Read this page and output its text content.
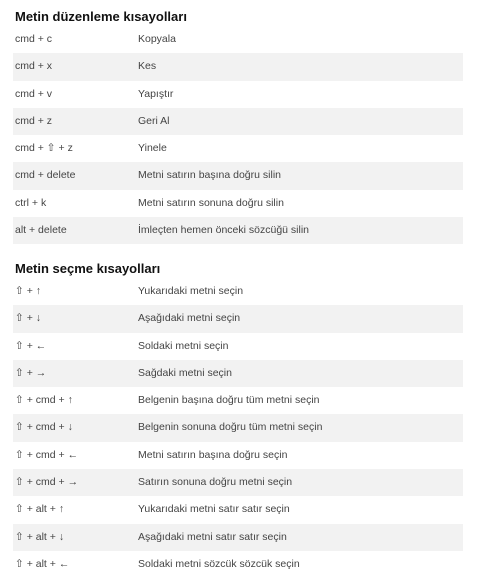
Metin düzenleme kısayolları
cmd + c	Kopyala
cmd + x	Kes
cmd + v	Yapıştır
cmd + z	Geri Al
cmd + ⇧ + z	Yinele
cmd + delete	Metni satırın başına doğru silin
ctrl + k	Metni satırın sonuna doğru silin
alt + delete	İmleçten hemen önceki sözcüğü silin
Metin seçme kısayolları
⇧ + ↑	Yukarıdaki metni seçin
⇧ + ↓	Aşağıdaki metni seçin
⇧ + ←	Soldaki metni seçin
⇧ + →	Sağdaki metni seçin
⇧ + cmd + ↑	Belgenin başına doğru tüm metni seçin
⇧ + cmd + ↓	Belgenin sonuna doğru tüm metni seçin
⇧ + cmd + ←	Metni satırın başına doğru seçin
⇧ + cmd + →	Satırın sonuna doğru metni seçin
⇧ + alt + ↑	Yukarıdaki metni satır satır seçin
⇧ + alt + ↓	Aşağıdaki metni satır satır seçin
⇧ + alt + ←	Soldaki metni sözcük sözcük seçin
